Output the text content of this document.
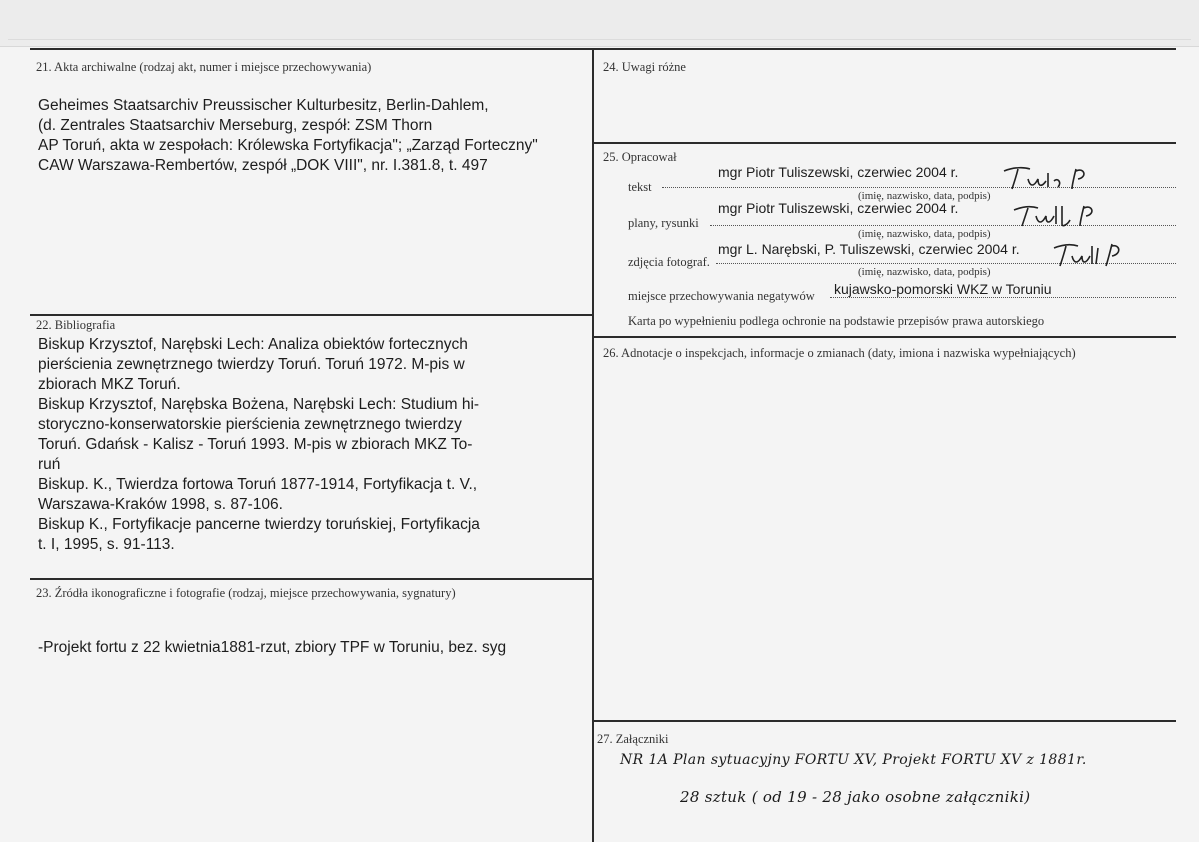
21. Akta archiwalne (rodzaj akt, numer i miejsce przechowywania)
Geheimes Staatsarchiv Preussischer Kulturbesitz, Berlin-Dahlem,
(d. Zentrales Staatsarchiv Merseburg, zespół: ZSM Thorn
AP Toruń, akta w zespołach: Królewska Fortyfikacja"; „Zarząd Forteczny"
CAW Warszawa-Rembertów, zespół „DOK VIII", nr. I.381.8, t. 497
22. Bibliografia
Biskup Krzysztof, Narębski Lech: Analiza obiektów fortecznych
pierścienia zewnętrznego twierdzy Toruń. Toruń 1972. M-pis w
zbiorach MKZ Toruń.
Biskup Krzysztof, Narębska Bożena, Narębski Lech: Studium hi-
storyczno-konserwatorskie pierścienia zewnętrznego twierdzy
Toruń. Gdańsk - Kalisz - Toruń 1993. M-pis w zbiorach MKZ To-
ruń
Biskup. K., Twierdza fortowa Toruń 1877-1914, Fortyfikacja t. V.,
Warszawa-Kraków 1998, s. 87-106.
Biskup K., Fortyfikacje pancerne twierdzy toruńskiej, Fortyfikacja
t. I, 1995, s. 91-113.
23. Źródła ikonograficzne i fotografie (rodzaj, miejsce przechowywania, sygnatury)
-Projekt fortu z 22 kwietnia1881-rzut, zbiory TPF w Toruniu, bez. syg
24. Uwagi różne
25. Opracował
tekst
mgr Piotr Tuliszewski, czerwiec 2004 r.
(imię, nazwisko, data, podpis)
plany, rysunki
mgr Piotr Tuliszewski, czerwiec 2004 r.
(imię, nazwisko, data, podpis)
zdjęcia fotograf.
mgr L. Narębski, P. Tuliszewski, czerwiec 2004 r.
(imię, nazwisko, data, podpis)
miejsce przechowywania negatywów kujawsko-pomorski WKZ w Toruniu
Karta po wypełnieniu podlega ochronie na podstawie przepisów prawa autorskiego
26. Adnotacje o inspekcjach, informacje o zmianach (daty, imiona i nazwiska wypełniających)
27. Załączniki
NR 1A Plan sytuacyjny FORTU XV, Projekt FORTU XV z 1881r.
28 sztuk ( od 19 - 28 jako osobne załączniki)
